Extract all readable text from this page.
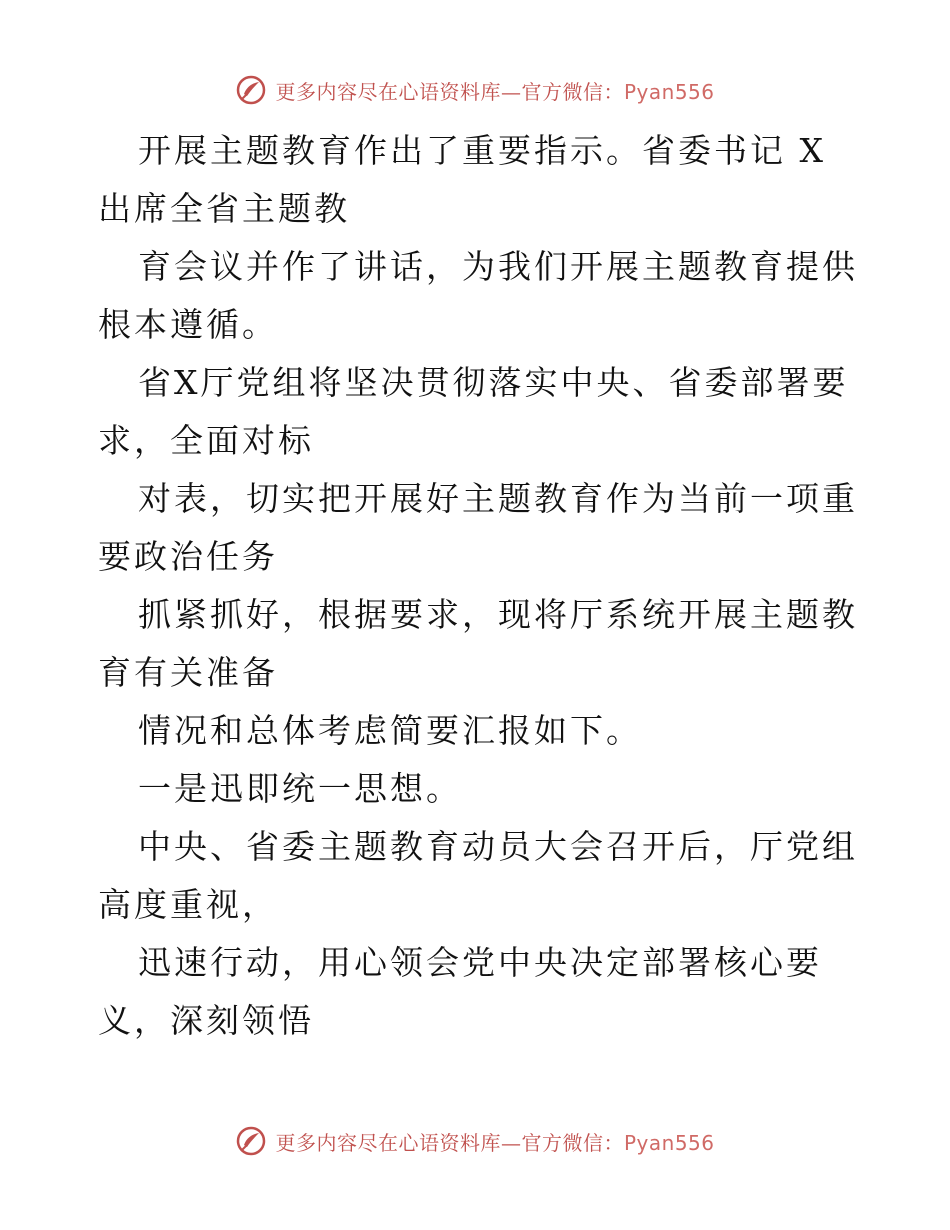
更多内容尽在心语资料库—官方微信：Pyan556

开展主题教育作出了重要指示。省委书记 X出席全省主题教

育会议并作了讲话，为我们开展主题教育提供根本遵循。

省X厅党组将坚决贯彻落实中央、省委部署要求，全面对标

对表，切实把开展好主题教育作为当前一项重要政治任务

抓紧抓好，根据要求，现将厅系统开展主题教育有关准备

情况和总体考虑简要汇报如下。

一是迅即统一思想。

中央、省委主题教育动员大会召开后，厅党组高度重视，

迅速行动，用心领会党中央决定部署核心要义，深刻领悟

更多内容尽在心语资料库—官方微信：Pyan556
